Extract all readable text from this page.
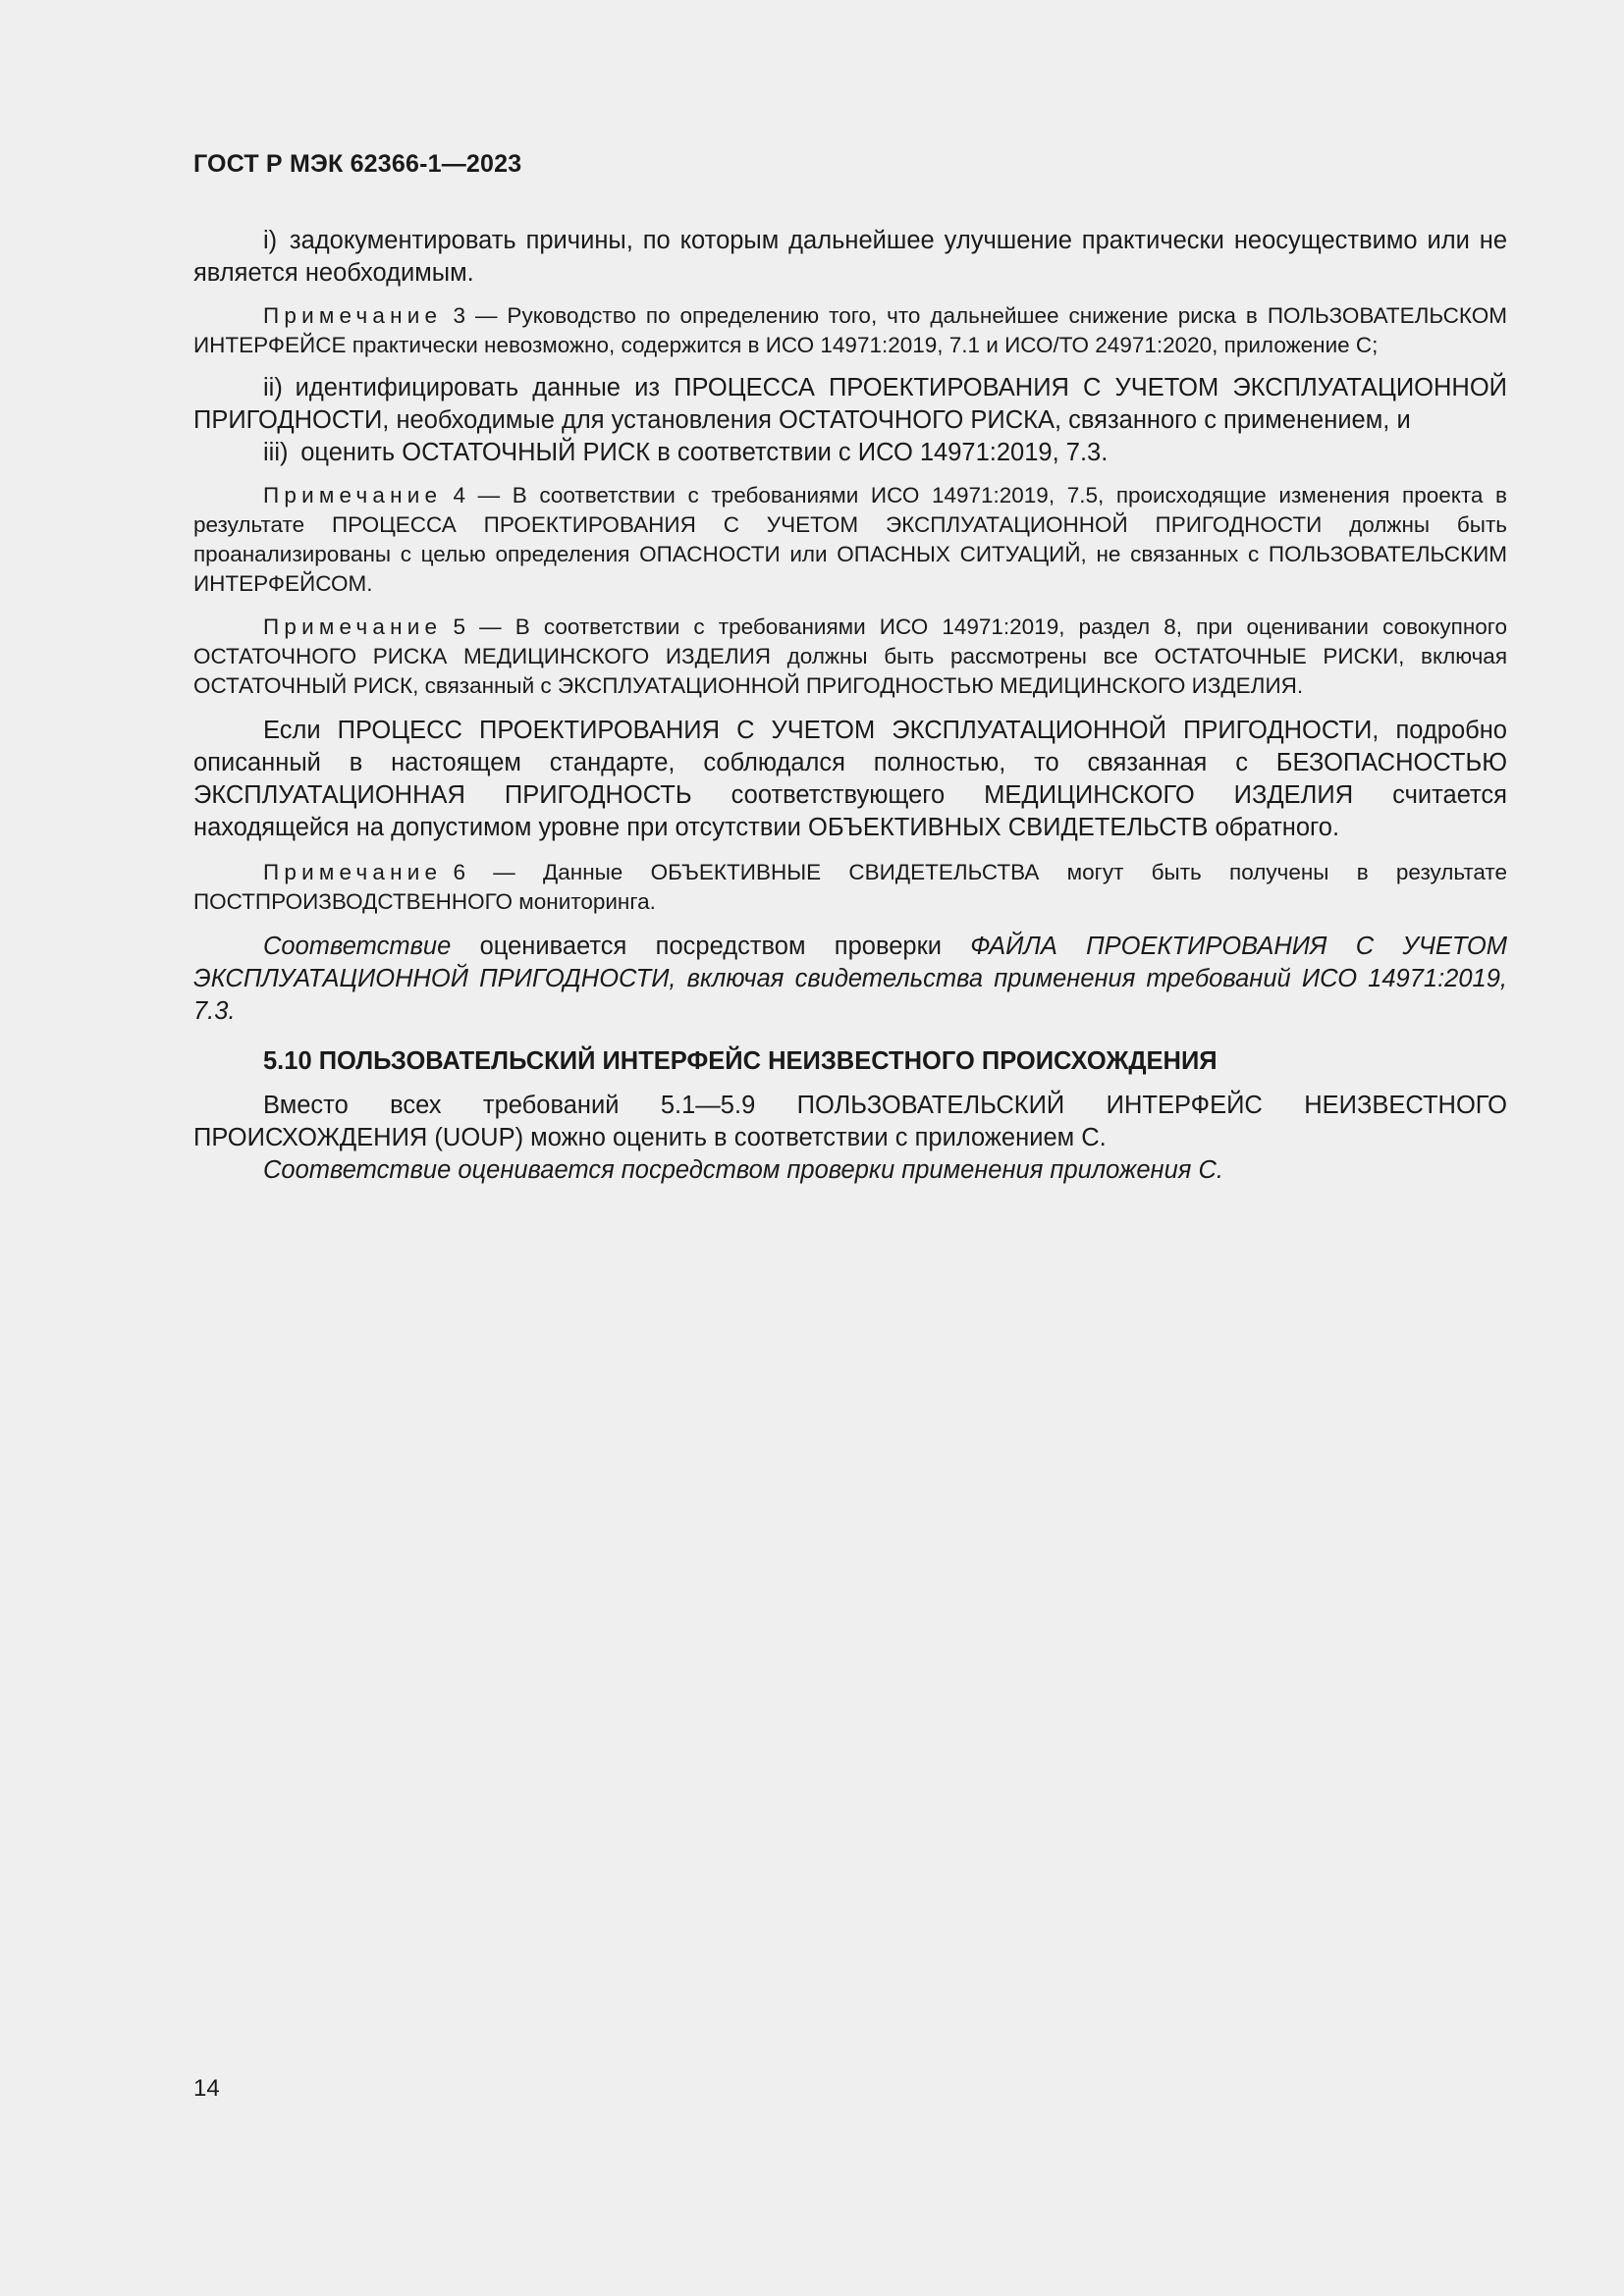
ГОСТ Р МЭК 62366-1—2023

i) задокументировать причины, по которым дальнейшее улучшение практически неосуществимо или не является необходимым.

Примечание 3 — Руководство по определению того, что дальнейшее снижение риска в ПОЛЬЗОВАТЕЛЬСКОМ ИНТЕРФЕЙСЕ практически невозможно, содержится в ИСО 14971:2019, 7.1 и ИСО/ТО 24971:2020, приложение С;

ii) идентифицировать данные из ПРОЦЕССА ПРОЕКТИРОВАНИЯ С УЧЕТОМ ЭКСПЛУАТАЦИОННОЙ ПРИГОДНОСТИ, необходимые для установления ОСТАТОЧНОГО РИСКА, связанного с применением, и

iii) оценить ОСТАТОЧНЫЙ РИСК в соответствии с ИСО 14971:2019, 7.3.

Примечание 4 — В соответствии с требованиями ИСО 14971:2019, 7.5, происходящие изменения проекта в результате ПРОЦЕССА ПРОЕКТИРОВАНИЯ С УЧЕТОМ ЭКСПЛУАТАЦИОННОЙ ПРИГОДНОСТИ должны быть проанализированы с целью определения ОПАСНОСТИ или ОПАСНЫХ СИТУАЦИЙ, не связанных с ПОЛЬЗОВАТЕЛЬСКИМ ИНТЕРФЕЙСОМ.

Примечание 5 — В соответствии с требованиями ИСО 14971:2019, раздел 8, при оценивании совокупного ОСТАТОЧНОГО РИСКА МЕДИЦИНСКОГО ИЗДЕЛИЯ должны быть рассмотрены все ОСТАТОЧНЫЕ РИСКИ, включая ОСТАТОЧНЫЙ РИСК, связанный с ЭКСПЛУАТАЦИОННОЙ ПРИГОДНОСТЬЮ МЕДИЦИНСКОГО ИЗДЕЛИЯ.

Если ПРОЦЕСС ПРОЕКТИРОВАНИЯ С УЧЕТОМ ЭКСПЛУАТАЦИОННОЙ ПРИГОДНОСТИ, подробно описанный в настоящем стандарте, соблюдался полностью, то связанная с БЕЗОПАСНОСТЬЮ ЭКСПЛУАТАЦИОННАЯ ПРИГОДНОСТЬ соответствующего МЕДИЦИНСКОГО ИЗДЕЛИЯ считается находящейся на допустимом уровне при отсутствии ОБЪЕКТИВНЫХ СВИДЕТЕЛЬСТВ обратного.

Примечание 6 — Данные ОБЪЕКТИВНЫЕ СВИДЕТЕЛЬСТВА могут быть получены в результате ПОСТПРОИЗВОДСТВЕННОГО мониторинга.

Соответствие оценивается посредством проверки ФАЙЛА ПРОЕКТИРОВАНИЯ С УЧЕТОМ ЭКСПЛУАТАЦИОННОЙ ПРИГОДНОСТИ, включая свидетельства применения требований ИСО 14971:2019, 7.3.

5.10 ПОЛЬЗОВАТЕЛЬСКИЙ ИНТЕРФЕЙС НЕИЗВЕСТНОГО ПРОИСХОЖДЕНИЯ

Вместо всех требований 5.1—5.9 ПОЛЬЗОВАТЕЛЬСКИЙ ИНТЕРФЕЙС НЕИЗВЕСТНОГО ПРОИСХОЖДЕНИЯ (UOUP) можно оценить в соответствии с приложением С.

Соответствие оценивается посредством проверки применения приложения С.

14
